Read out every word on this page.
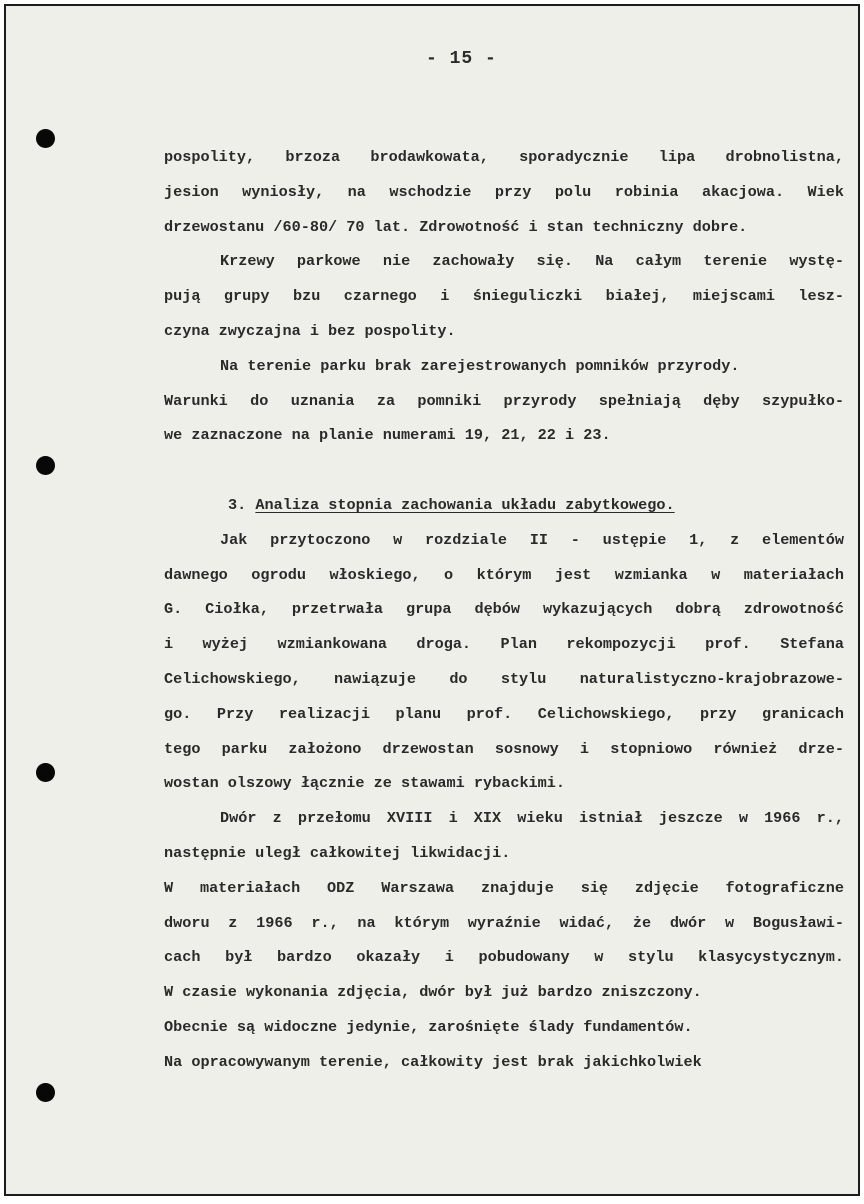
- 15 -
pospolity, brzoza brodawkowata, sporadycznie lipa drobnolistna,
jesion wyniosły, na wschodzie przy polu robinia akacjowa. Wiek
drzewostanu /60-80/ 70 lat. Zdrowotność i stan techniczny dobre.
Krzewy parkowe nie zachowały się. Na całym terenie wystę-
pują grupy bzu czarnego i śnieguliczki białej, miejscami lesz-
czyna zwyczajna i bez pospolity.
Na terenie parku brak zarejestrowanych pomników przyrody.
Warunki do uznania za pomniki przyrody spełniają dęby szypułko-
we zaznaczone na planie numerami 19, 21, 22 i 23.
3. Analiza stopnia zachowania układu zabytkowego.
Jak przytoczono w rozdziale II - ustępie 1, z elementów
dawnego ogrodu włoskiego, o którym jest wzmianka w materiałach
G. Ciołka, przetrwała grupa dębów wykazujących dobrą zdrowotność
i wyżej wzmiankowana droga. Plan rekompozycji prof. Stefana
Celichowskiego, nawiązuje do stylu naturalistyczno-krajobrazowe-
go. Przy realizacji planu prof. Celichowskiego, przy granicach
tego parku założono drzewostan sosnowy i stopniowo również drze-
wostan olszowy łącznie ze stawami rybackimi.
Dwór z przełomu XVIII i XIX wieku istniał jeszcze w 1966 r.,
następnie uległ całkowitej likwidacji.
W materiałach ODZ Warszawa znajduje się zdjęcie fotograficzne
dworu z 1966 r., na którym wyraźnie widać, że dwór w Bogusławi-
cach był bardzo okazały i pobudowany w stylu klasycystycznym.
W czasie wykonania zdjęcia, dwór był już bardzo zniszczony.
Obecnie są widoczne jedynie, zarośnięte ślady fundamentów.
Na opracowywanym terenie, całkowity jest brak jakichkolwiek
